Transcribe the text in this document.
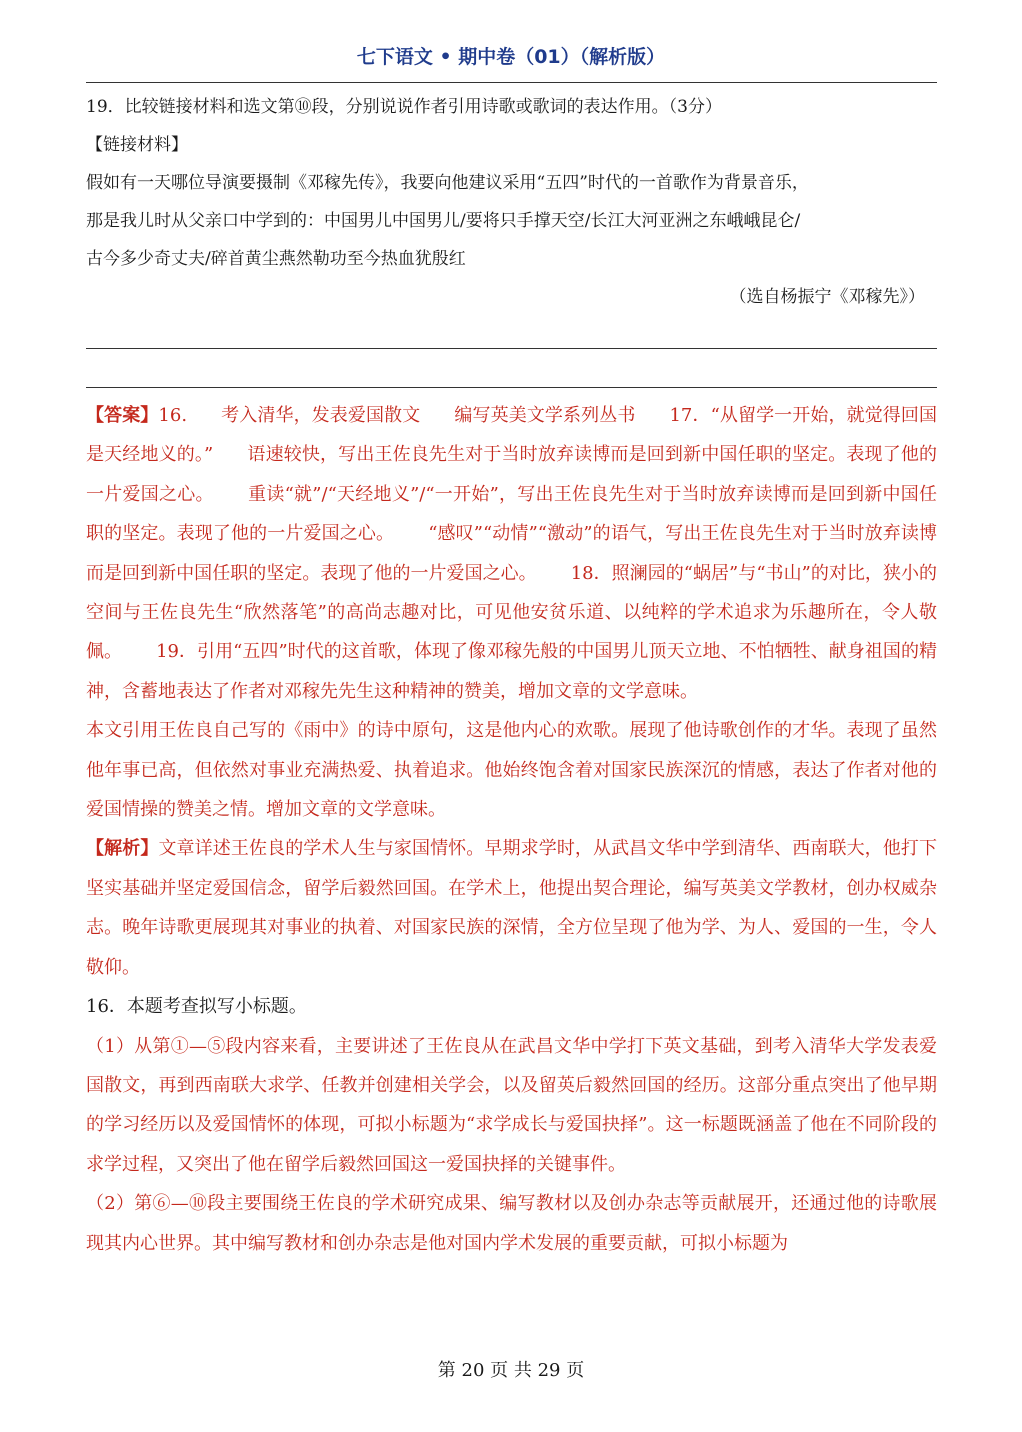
七下语文 • 期中卷（01）（解析版）
19．比较链接材料和选文第⑩段，分别说说作者引用诗歌或歌词的表达作用。（3分）
【链接材料】
假如有一天哪位导演要摄制《邓稼先传》，我要向他建议采用“五四”时代的一首歌作为背景音乐，
那是我儿时从父亲口中学到的：中国男儿中国男儿/要将只手撑天空/长江大河亚洲之东峨峨昆仑/
古今多少奇丈夫/碎首黄尘燕然勒功至今热血犹殷红
（选自杨振宁《邓稼先》）

【答案】16. 考入清华，发表爱国散文 编写英美文学系列丛书 17．“从留学一开始，就觉得回国是天经地义的。” 语速较快，写出王佐良先生对于当时放弃读博而是回到新中国任职的坚定。表现了他的一片爱国之心。 重读“就”/“天经地义”/“一开始”，写出王佐良先生对于当时放弃读博而是回到新中国任职的坚定。表现了他的一片爱国之心。 “感叹”“动情”“激动”的语气，写出王佐良先生对于当时放弃读博而是回到新中国任职的坚定。表现了他的一片爱国之心。 18．照澜园的“蜗居”与“书山”的对比，狭小的空间与王佐良先生“欣然落笔”的高尚志趣对比，可见他安贫乐道、以纯粹的学术追求为乐趣所在，令人敬佩。 19．引用“五四”时代的这首歌，体现了像邓稼先般的中国男儿顶天立地、不怕牺牲、献身祖国的精神，含蓄地表达了作者对邓稼先先生这种精神的赞美，增加文章的文学意味。

本文引用王佐良自己写的《雨中》的诗中原句，这是他内心的欢歌。展现了他诗歌创作的才华。表现了虽然他年事已高，但依然对事业充满热爱、执着追求。他始终饱含着对国家民族深沉的情感，表达了作者对他的爱国情操的赞美之情。增加文章的文学意味。

【解析】文章详述王佐良的学术人生与家国情怀。早期求学时，从武昌文华中学到清华、西南联大，他打下坚实基础并坚定爱国信念，留学后毅然回国。在学术上，他提出契合理论，编写英美文学教材，创办权威杂志。晚年诗歌更展现其对事业的执着、对国家民族的深情，全方位呈现了他为学、为人、爱国的一生，令人敬仰。

16．本题考查拟写小标题。

（1）从第①—⑤段内容来看，主要讲述了王佐良从在武昌文华中学打下英文基础，到考入清华大学发表爱国散文，再到西南联大求学、任教并创建相关学会，以及留英后毅然回国的经历。这部分重点突出了他早期的学习经历以及爱国情怀的体现，可拟小标题为“求学成长与爱国抉择”。这一标题既涵盖了他在不同阶段的求学过程，又突出了他在留学后毅然回国这一爱国抉择的关键事件。

（2）第⑥—⑩段主要围绕王佐良的学术研究成果、编写教材以及创办杂志等贡献展开，还通过他的诗歌展现其内心世界。其中编写教材和创办杂志是他对国内学术发展的重要贡献，可拟小标题为

第 20 页 共 29 页
